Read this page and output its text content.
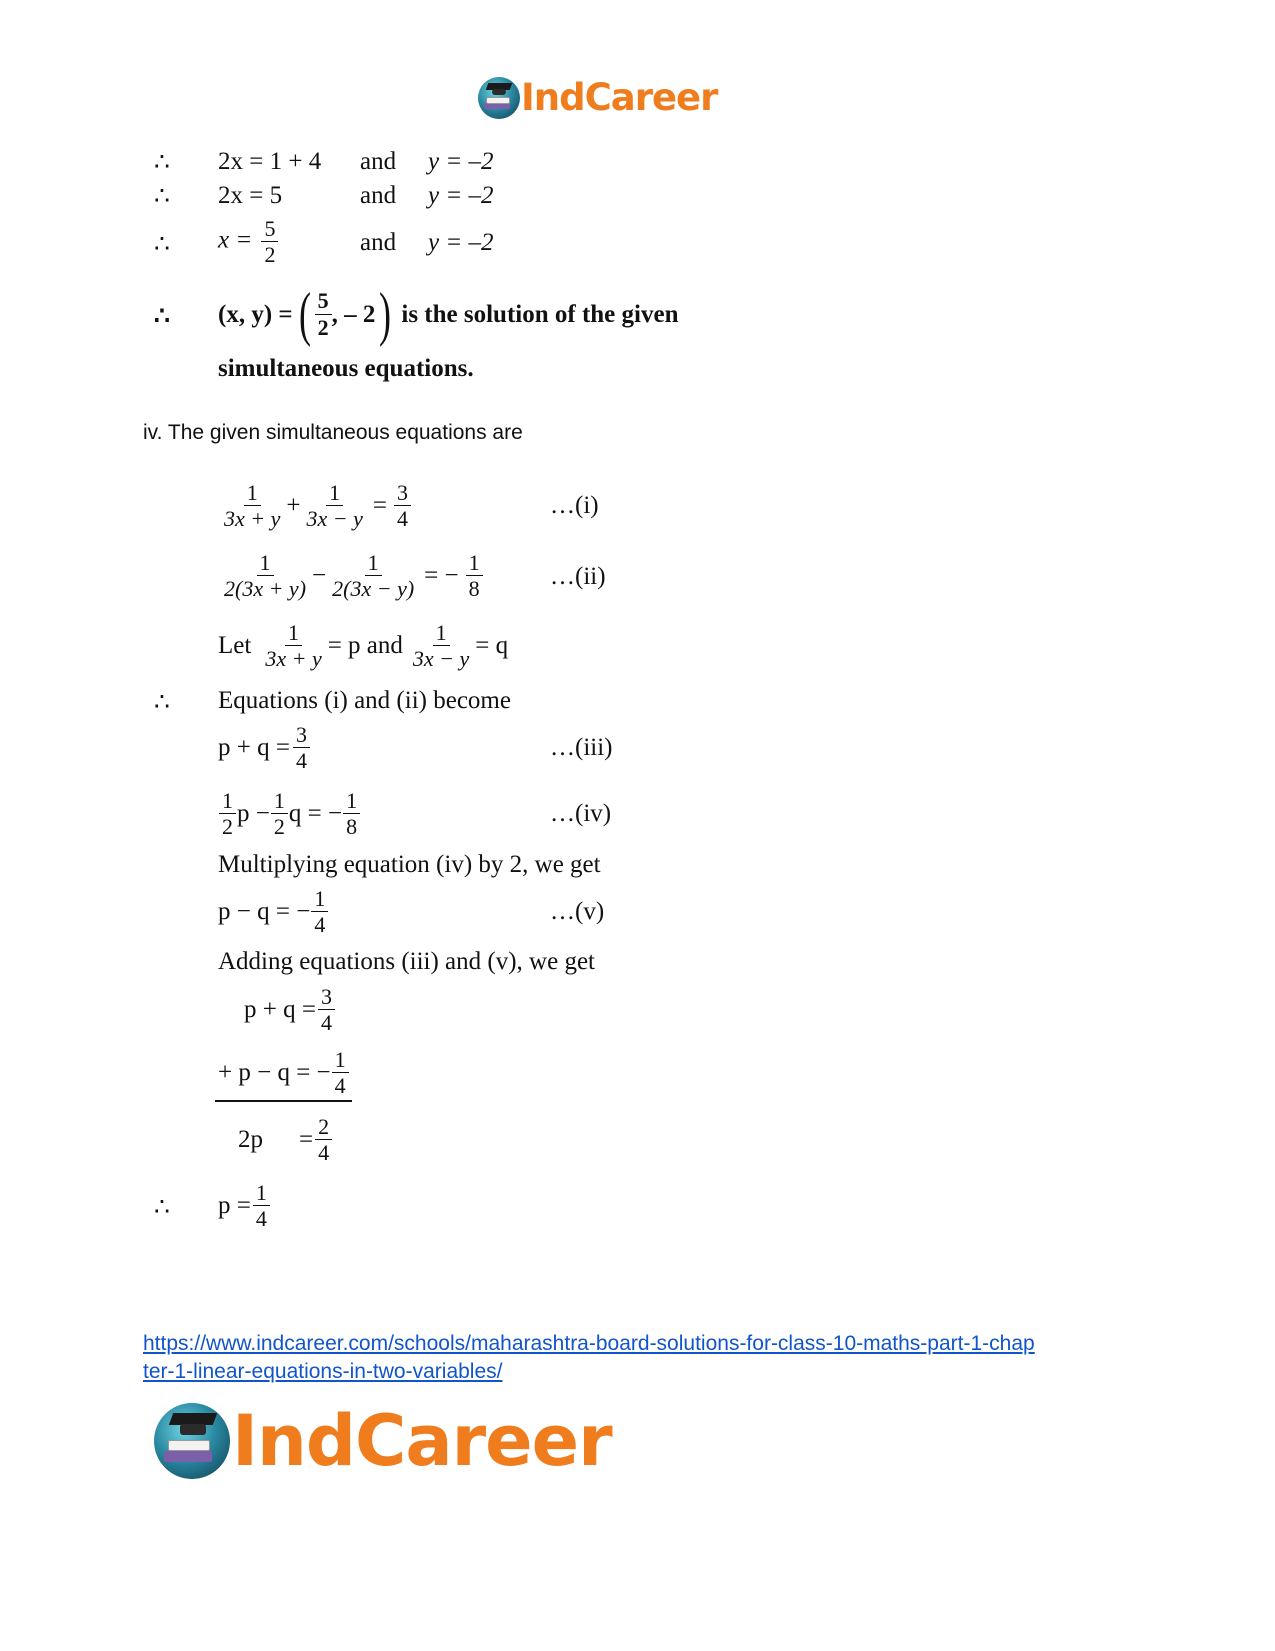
IndCareer
∴ 2x = 1 + 4 and y = –2
∴ 2x = 5	and y = –2
∴ $x = \frac{5}{2}$	and y = –2
∴ (x, y) = ( $\frac{5}{2}$ , – 2 ) is the solution of the given
simultaneous equations.
iv. The given simultaneous equations are
$\frac{1}{3x + y} + \frac{1}{3x - y} = \frac{3}{4}$	…(i)
$\frac{1}{2(3x + y)} - \frac{1}{2(3x - y)}$ = − $\frac{1}{8}$	…(ii)
Let $\frac{1}{3x + y} = p$ and $\frac{1}{3x - y} = q$
∴ Equations (i) and (ii) become
$p + q = \frac{3}{4}$	…(iii)
$\frac{1}{2}$ $p - \frac{1}{2}$ q = − $\frac{1}{8}$	…(iv)
Multiplying equation (iv) by 2, we get
p − q = − $\frac{1}{4}$	…(v)
Adding equations (iii) and (v), we get
$p + q = \frac{3}{4}$
+ p − q = − $\frac{1}{4}$
$2p = \frac{2}{4}$
∴ $p = \frac{1}{4}$
https://www.indcareer.com/schools/maharashtra-board-solutions-for-class-10-maths-part-1-chap
ter-1-linear-equations-in-two-variables/
IndCareer
